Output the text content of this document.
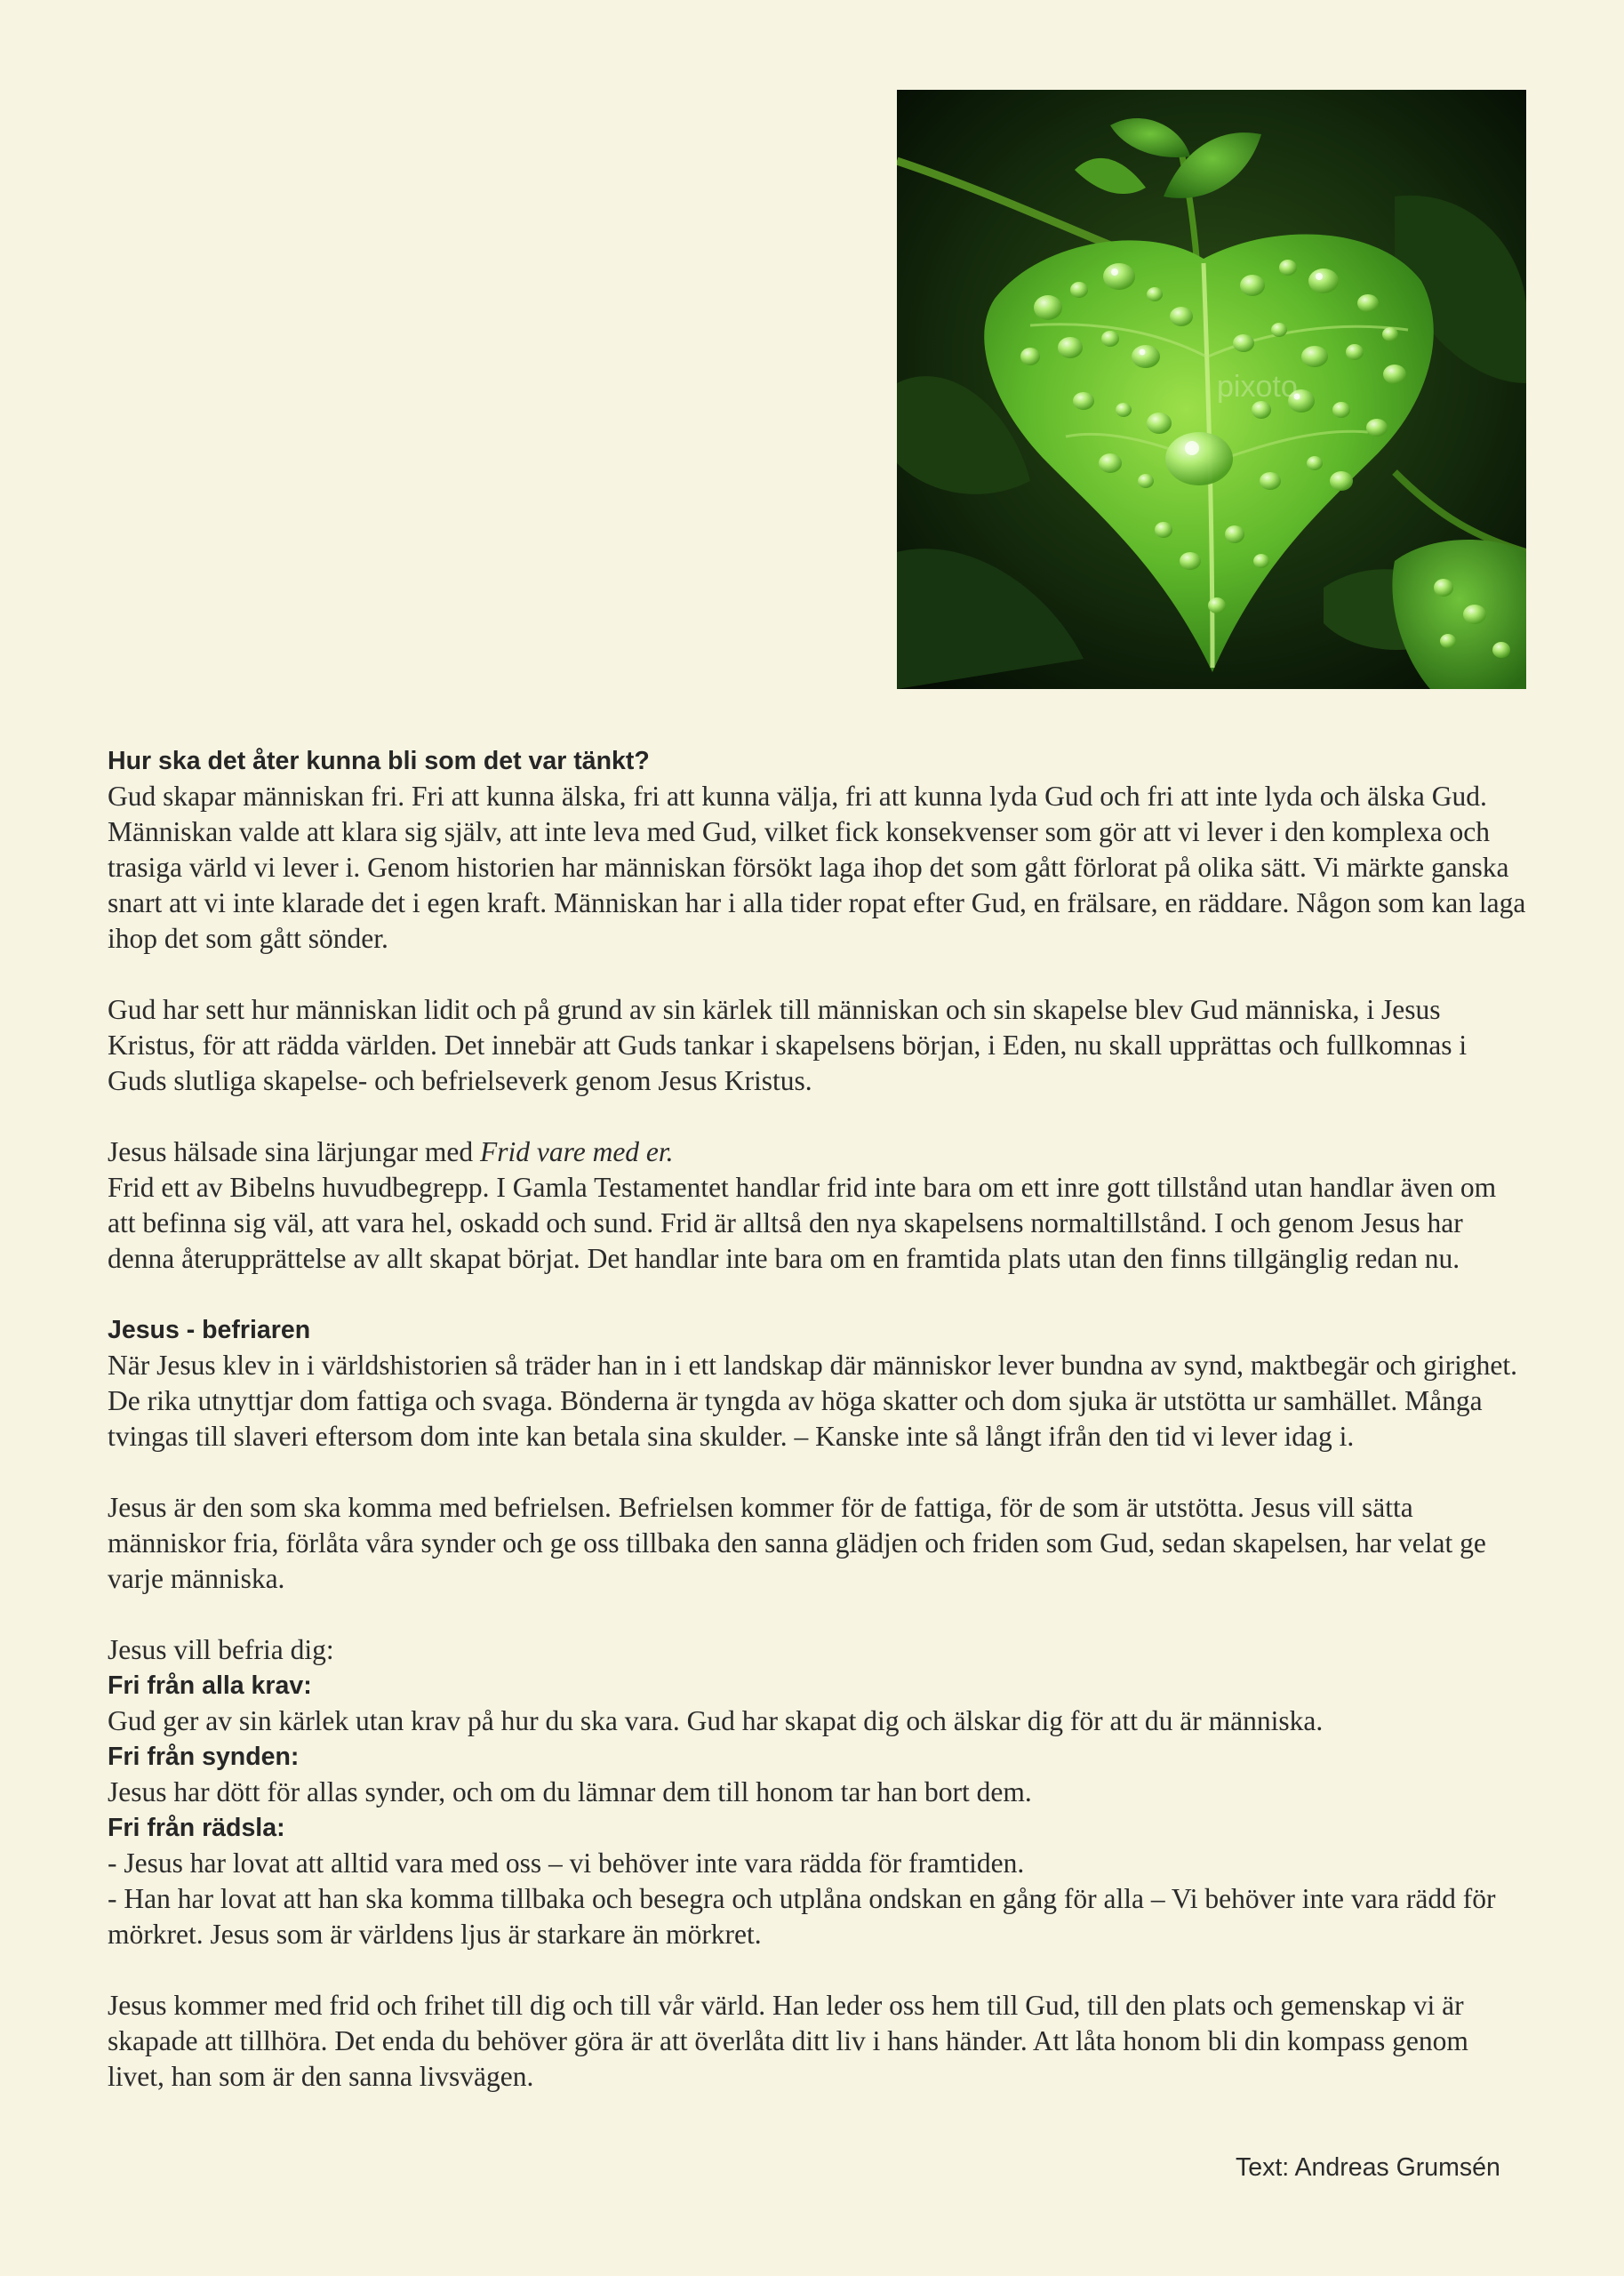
pixoto

Hur ska det åter kunna bli som det var tänkt?

Gud skapar människan fri. Fri att kunna älska, fri att kunna välja, fri att kunna lyda Gud och fri att inte lyda och älska Gud. Människan valde att klara sig själv, att inte leva med Gud, vilket fick konsekvenser som gör att vi lever i den komplexa och trasiga värld vi lever i. Genom historien har människan försökt laga ihop det som gått förlorat på olika sätt. Vi märkte ganska snart att vi inte klarade det i egen kraft. Människan har i alla tider ropat efter Gud, en frälsare, en räddare. Någon som kan laga ihop det som gått sönder.

Gud har sett hur människan lidit och på grund av sin kärlek till människan och sin skapelse blev Gud människa, i Jesus Kristus, för att rädda världen. Det innebär att Guds tankar i skapelsens början, i Eden, nu skall upprättas och fullkomnas i Guds slutliga skapelse- och befrielseverk genom Jesus Kristus.

Jesus hälsade sina lärjungar med Frid vare med er.

Frid ett av Bibelns huvudbegrepp. I Gamla Testamentet handlar frid inte bara om ett inre gott tillstånd utan handlar även om att befinna sig väl, att vara hel, oskadd och sund. Frid är alltså den nya skapelsens normaltillstånd. I och genom Jesus har denna återupprättelse av allt skapat börjat. Det handlar inte bara om en framtida plats utan den finns tillgänglig redan nu.

Jesus - befriaren

När Jesus klev in i världshistorien så träder han in i ett landskap där människor lever bundna av synd, maktbegär och girighet. De rika utnyttjar dom fattiga och svaga. Bönderna är tyngda av höga skatter och dom sjuka är utstötta ur samhället. Många tvingas till slaveri eftersom dom inte kan betala sina skulder. – Kanske inte så långt ifrån den tid vi lever idag i.

Jesus är den som ska komma med befrielsen. Befrielsen kommer för de fattiga, för de som är utstötta. Jesus vill sätta människor fria, förlåta våra synder och ge oss tillbaka den sanna glädjen och friden som Gud, sedan skapelsen, har velat ge varje människa.

Jesus vill befria dig:

Fri från alla krav:

Gud ger av sin kärlek utan krav på hur du ska vara. Gud har skapat dig och älskar dig för att du är människa.

Fri från synden:

Jesus har dött för allas synder, och om du lämnar dem till honom tar han bort dem.

Fri från rädsla:

- Jesus har lovat att alltid vara med oss – vi behöver inte vara rädda för framtiden.

- Han har lovat att han ska komma tillbaka och besegra och utplåna ondskan en gång för alla – Vi behöver inte vara rädd för mörkret. Jesus som är världens ljus är starkare än mörkret.

Jesus kommer med frid och frihet till dig och till vår värld. Han leder oss hem till Gud, till den plats och gemenskap vi är skapade att tillhöra. Det enda du behöver göra är att överlåta ditt liv i hans händer. Att låta honom bli din kompass genom livet, han som är den sanna livsvägen.

Text: Andreas Grumsén
